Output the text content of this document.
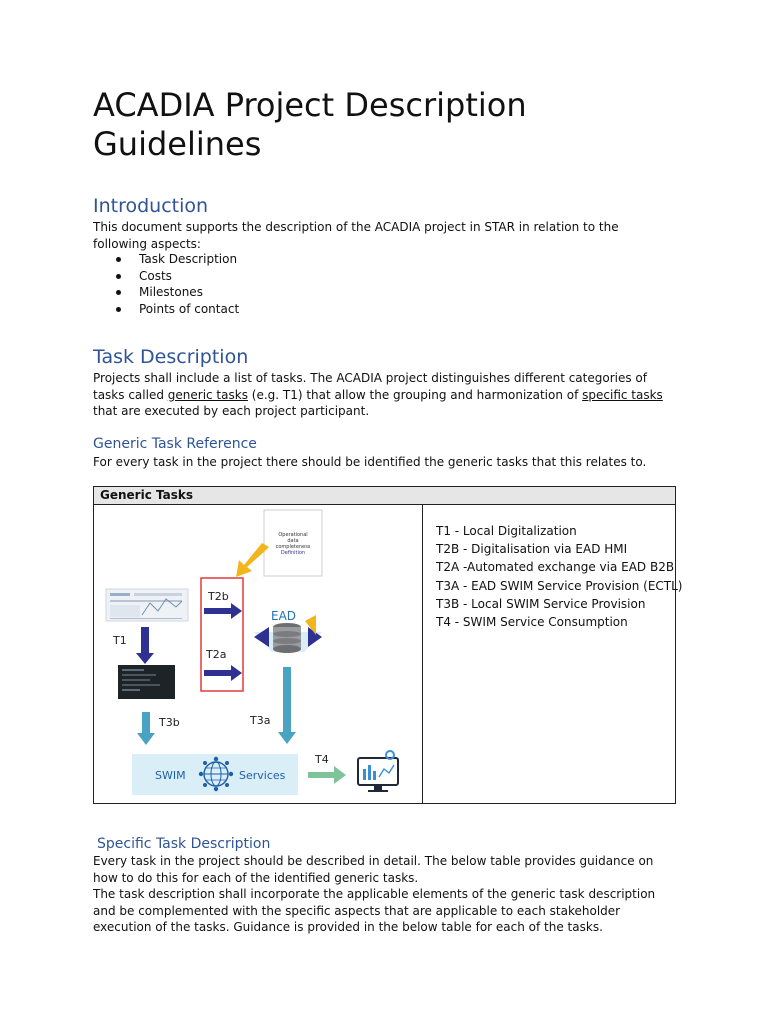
ACADIA Project Description Guidelines
Introduction

This document supports the description of the ACADIA project in STAR in relation to the following aspects:

Task Description
Costs
Milestones
Points of contact
Task Description

Projects shall include a list of tasks. The ACADIA project distinguishes different categories of tasks called generic tasks (e.g. T1) that allow the grouping and harmonization of specific tasks that are executed by each project participant.

Generic Task Reference

For every task in the project there should be identified the generic tasks that this relates to.

Specific Task Description

Every task in the project should be described in detail. The below table provides guidance on how to do this for each of the identified generic tasks.

The task description shall incorporate the applicable elements of the generic task description and be complemented with the specific aspects that are applicable to each stakeholder execution of the tasks. Guidance is provided in the below table for each of the tasks.

Generic Tasks
Operational
data
completeness
Definition
T1
T3b
T2b
T2a
EAD
T3a
SWIM	Services
T4
T1 - Local Digitalization
T2B - Digitalisation via EAD HMI
T2A -Automated exchange via EAD B2B
T3A - EAD SWIM Service Provision (ECTL)
T3B - Local SWIM Service Provision
T4 - SWIM Service Consumption
